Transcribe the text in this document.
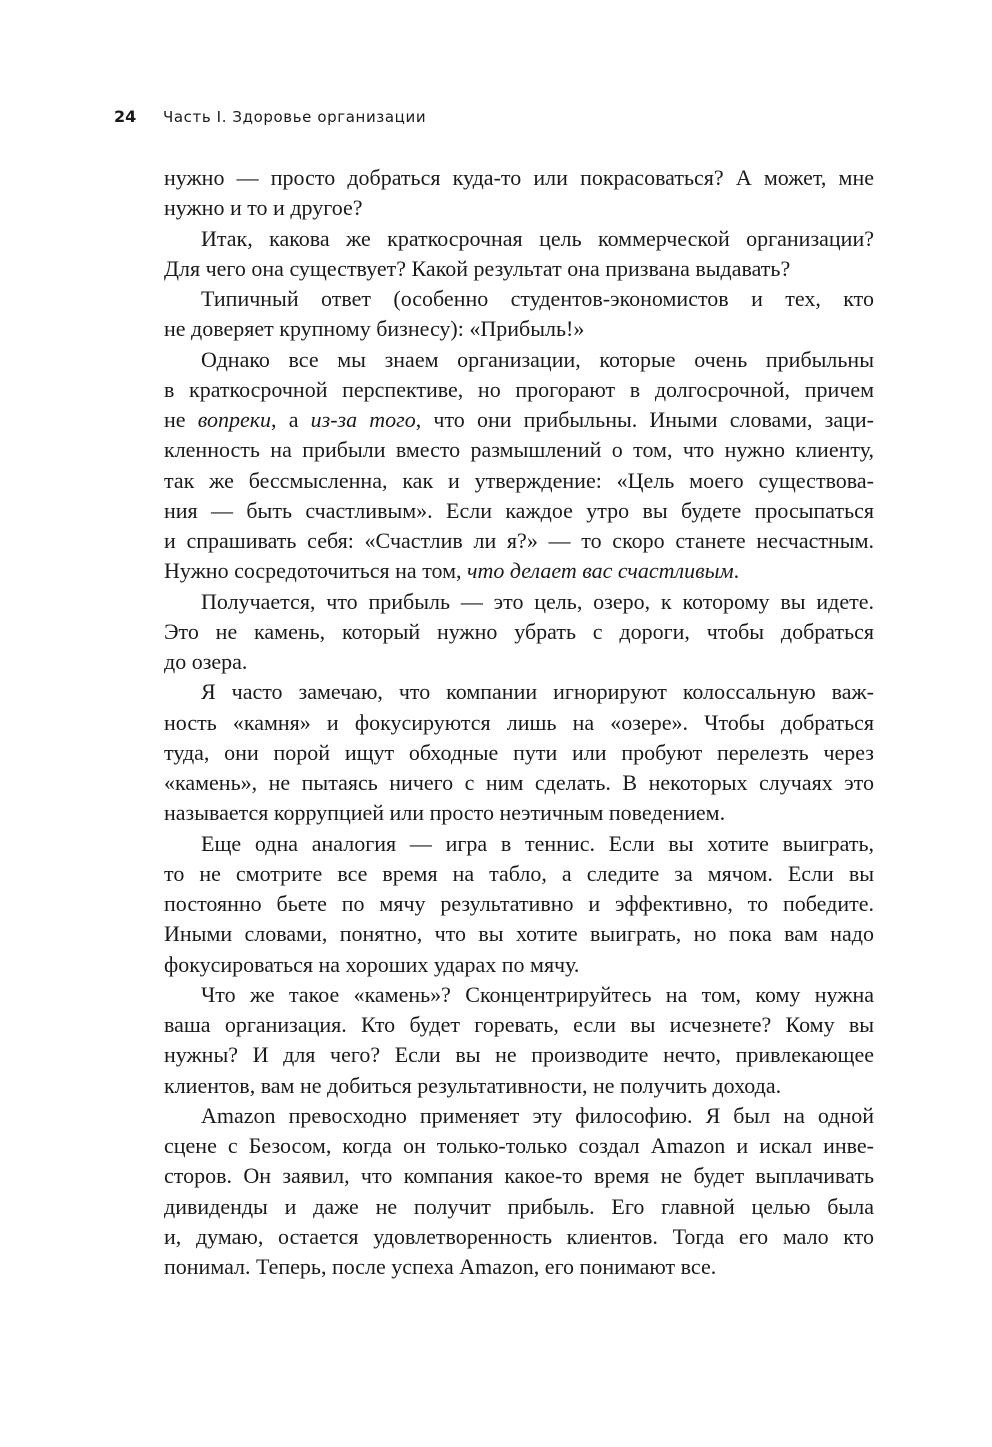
24 Часть I. Здоровье организации
нужно — просто добраться куда-то или покрасоваться? А может, мне
нужно и то и другое?
Итак, какова же краткосрочная цель коммерческой организации?
Для чего она существует? Какой результат она призвана выдавать?
Типичный ответ (особенно студентов-экономистов и тех, кто
не доверяет крупному бизнесу): «Прибыль!»
Однако все мы знаем организации, которые очень прибыльны
в краткосрочной перспективе, но прогорают в долгосрочной, причем
не вопреки, а из-за того, что они прибыльны. Иными словами, заци-
кленность на прибыли вместо размышлений о том, что нужно клиенту,
так же бессмысленна, как и утверждение: «Цель моего существова-
ния — быть счастливым». Если каждое утро вы будете просыпаться
и спрашивать себя: «Счастлив ли я?» — то скоро станете несчастным.
Нужно сосредоточиться на том, что делает вас счастливым.
Получается, что прибыль — это цель, озеро, к которому вы идете.
Это не камень, который нужно убрать с дороги, чтобы добраться
до озера.
Я часто замечаю, что компании игнорируют колоссальную важ-
ность «камня» и фокусируются лишь на «озере». Чтобы добраться
туда, они порой ищут обходные пути или пробуют перелезть через
«камень», не пытаясь ничего с ним сделать. В некоторых случаях это
называется коррупцией или просто неэтичным поведением.
Еще одна аналогия — игра в теннис. Если вы хотите выиграть,
то не смотрите все время на табло, а следите за мячом. Если вы
постоянно бьете по мячу результативно и эффективно, то победите.
Иными словами, понятно, что вы хотите выиграть, но пока вам надо
фокусироваться на хороших ударах по мячу.
Что же такое «камень»? Сконцентрируйтесь на том, кому нужна
ваша организация. Кто будет горевать, если вы исчезнете? Кому вы
нужны? И для чего? Если вы не производите нечто, привлекающее
клиентов, вам не добиться результативности, не получить дохода.
Amazon превосходно применяет эту философию. Я был на одной
сцене с Безосом, когда он только-только создал Amazon и искал инве-
сторов. Он заявил, что компания какое-то время не будет выплачивать
дивиденды и даже не получит прибыль. Его главной целью была
и, думаю, остается удовлетворенность клиентов. Тогда его мало кто
понимал. Теперь, после успеха Amazon, его понимают все.
